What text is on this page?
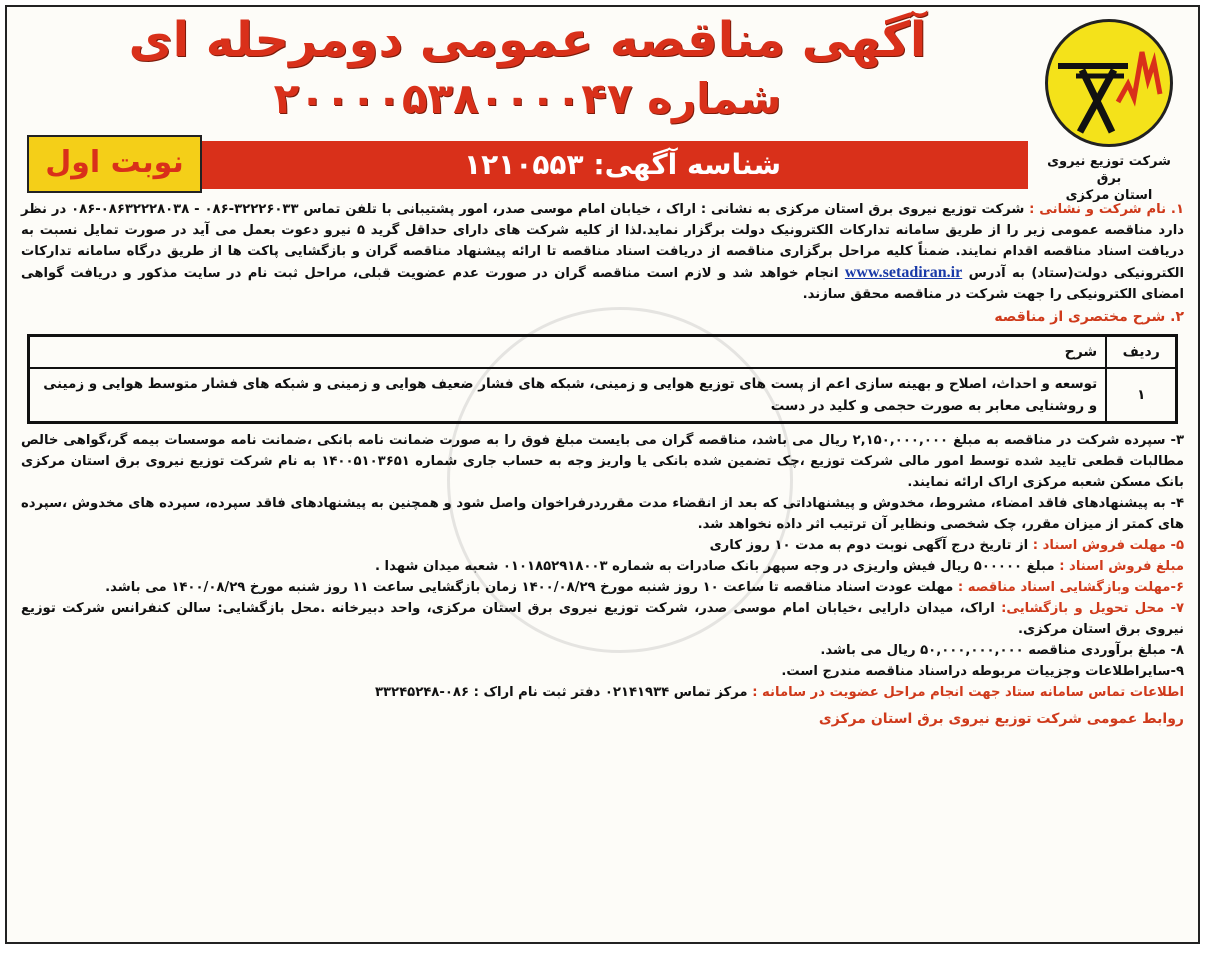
شرکت توزیع نیروی برق
استان مرکزی
آگهی مناقصه عمومی دومرحله ای
شماره ۲۰۰۰۰۵۳۸۰۰۰۰۴۷
شناسه آگهی: ۱۲۱۰۵۵۳
نوبت اول

۱. نام شرکت و نشانی : شرکت توزیع نیروی برق استان مرکزی به نشانی : اراک ، خیابان امام موسی صدر، امور پشتیبانی با تلفن تماس ۳۲۲۲۶۰۳۳-۰۸۶ - ۰۸۶۳۲۲۲۸۰۳۸-۰۸۶ در نظر دارد مناقصه عمومی زیر را از طریق سامانه تدارکات الکترونیک دولت برگزار نماید.لذا از کلیه شرکت های دارای حداقل گرید ۵ نیرو دعوت بعمل می آید در صورت تمایل نسبت به دریافت اسناد مناقصه اقدام نمایند. ضمناً کلیه مراحل برگزاری مناقصه از دریافت اسناد مناقصه تا ارائه پیشنهاد مناقصه گران و بازگشایی پاکت ها از طریق درگاه سامانه تدارکات الکترونیکی دولت(ستاد) به آدرس www.setadiran.ir انجام خواهد شد و لازم است مناقصه گران در صورت عدم عضویت قبلی، مراحل ثبت نام در سایت مذکور و دریافت گواهی امضای الکترونیکی را جهت شرکت در مناقصه محقق سازند.

۲. شرح مختصری از مناقصه
ردیف	شرح
۱	توسعه و احداث، اصلاح و بهینه سازی اعم از پست های توزیع هوایی و زمینی، شبکه های فشار ضعیف هوایی و زمینی و شبکه های فشار متوسط هوایی و زمینی و روشنایی معابر به صورت حجمی و کلید در دست

۳- سپرده شرکت در مناقصه به مبلغ ۲,۱۵۰,۰۰۰,۰۰۰ ریال می باشد، مناقصه گران می بایست مبلغ فوق را به صورت ضمانت نامه بانکی ،ضمانت نامه موسسات بیمه گر،گواهی خالص مطالبات قطعی تایید شده توسط امور مالی شرکت توزیع ،چک تضمین شده بانکی یا واریز وجه به حساب جاری شماره ۱۴۰۰۵۱۰۳۶۵۱ به نام شرکت توزیع نیروی برق استان مرکزی بانک مسکن شعبه مرکزی اراک ارائه نمایند.

۴- به پیشنهادهای فاقد امضاء، مشروط، مخدوش و پیشنهاداتی که بعد از انقضاء مدت مقرردرفراخوان واصل شود و همچنین به پیشنهادهای فاقد سپرده، سپرده های مخدوش ،سپرده های کمتر از میزان مقرر، چک شخصی ونظایر آن ترتیب اثر داده نخواهد شد.

۵- مهلت فروش اسناد : از تاریخ درج آگهی نوبت دوم به مدت ۱۰ روز کاری

مبلغ فروش اسناد : مبلغ ۵۰۰۰۰۰ ریال فیش واریزی در وجه سپهر بانک صادرات به شماره ۰۱۰۱۸۵۲۹۱۸۰۰۳ شعبه میدان شهدا .

۶-مهلت وبازگشایی اسناد مناقصه : مهلت عودت اسناد مناقصه تا ساعت ۱۰ روز شنبه مورخ ۱۴۰۰/۰۸/۲۹ زمان بازگشایی ساعت ۱۱ روز شنبه مورخ ۱۴۰۰/۰۸/۲۹ می باشد.

۷- محل تحویل و بازگشایی: اراک، میدان دارایی ،خیابان امام موسی صدر، شرکت توزیع نیروی برق استان مرکزی، واحد دبیرخانه .محل بازگشایی: سالن کنفرانس شرکت توزیع نیروی برق استان مرکزی.

۸- مبلغ برآوردی مناقصه ۵۰,۰۰۰,۰۰۰,۰۰۰ ریال می باشد.

۹-سایراطلاعات وجزییات مربوطه دراسناد مناقصه مندرج است.

اطلاعات تماس سامانه ستاد جهت انجام مراحل عضویت در سامانه : مرکز تماس ۰۲۱۴۱۹۳۴ دفتر ثبت نام اراک : ۰۸۶-۳۳۲۴۵۲۴۸

روابط عمومی شرکت توزیع نیروی برق استان مرکزی
